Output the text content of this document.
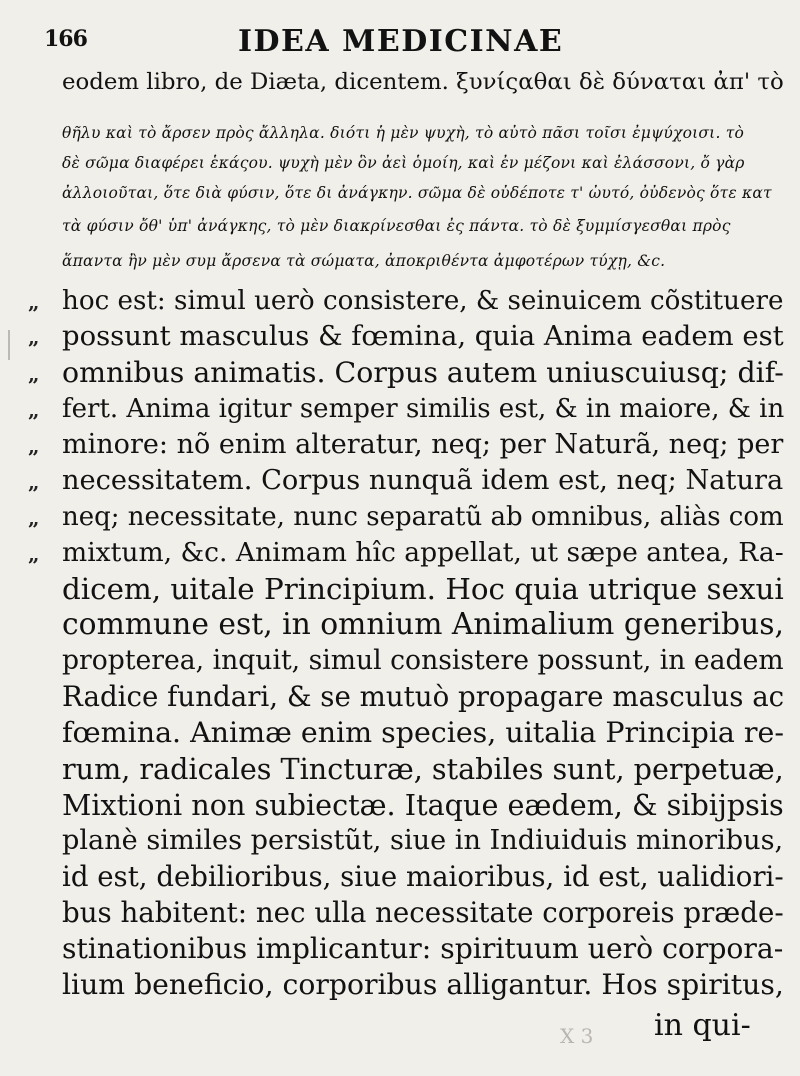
166	IDEA MEDICINAE
eodem libro, de Diæta, dicentem. ξυνίςαθαι δὲ δύναται ἀπ' τὸ
θῆλυ καὶ τὸ ἄρσεν πρὸς ἄλληλα. διότι ἡ μὲν ψυχὴ, τὸ αὐτὸ πᾶσι τοῖσι ἐμψύχοισι. τὸ
δὲ σῶμα διαφέρει ἑκάςου. ψυχὴ μὲν ὃν ἀεὶ ὁμοίη, καὶ ἐν μέζονι καὶ ἐλάσσονι, ὄ γὰρ
ἀλλοιοῦται, ὅτε διὰ φύσιν, ὅτε δι ἀνάγκην. σῶμα δὲ οὐδέποτε τ' ὠυτό, ὀὐδενὸς ὅτε κατ
τὰ φύσιν ὄθ' ὑπ' ἀνάγκης, τὸ μὲν διακρίνεσθαι ἐς πάντα. τὸ δὲ ξυμμίσγεσθαι πρὸς
ἅπαντα ἢν μὲν συμ ἄρσενα τὰ σώματα, ἀποκριθέντα ἀμφοτέρων τύχῃ, &c.
„
„
„
„
„
„
„
„
hoc est: simul uerò consistere, & seinuicem cõstituere
possunt masculus & fœmina, quia Anima eadem est
omnibus animatis. Corpus autem uniuscuiusq; dif-
fert. Anima igitur semper similis est, & in maiore, & in
minore: nõ enim alteratur, neq; per Naturã, neq; per
necessitatem. Corpus nunquã idem est, neq; Natura
neq; necessitate, nunc separatũ ab omnibus, aliàs com
mixtum, &c. Animam hîc appellat, ut sæpe antea, Ra-
dicem, uitale Principium. Hoc quia utrique sexui
commune est, in omnium Animalium generibus,
propterea, inquit, simul consistere possunt, in eadem
Radice fundari, & se mutuò propagare masculus ac
fœmina. Animæ enim species, uitalia Principia re-
rum, radicales Tincturæ, stabiles sunt, perpetuæ,
Mixtioni non subiectæ. Itaque eædem, & sibijpsis
planè similes persistũt, siue in Indiuiduis minoribus,
id est, debilioribus, siue maioribus, id est, ualidiori-
bus habitent: nec ulla necessitate corporeis præde-
stinationibus implicantur: spirituum uerò corpora-
lium beneficio, corporibus alligantur. Hos spiritus,
X 3 in qui-
